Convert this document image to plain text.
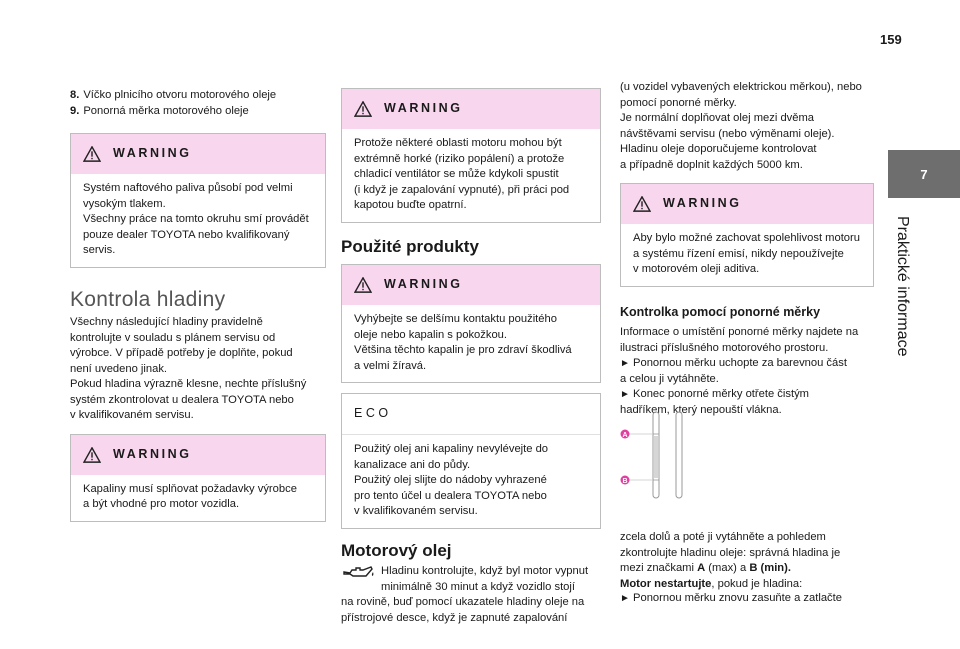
159
7
Praktické informace
8. Víčko plnicího otvoru motorového oleje
9. Ponorná měrka motorového oleje
WARNING
Systém naftového paliva působí pod velmi
vysokým tlakem.
Všechny práce na tomto okruhu smí provádět
pouze dealer TOYOTA nebo kvalifikovaný
servis.
Kontrola hladiny
Všechny následující hladiny pravidelně
kontrolujte v souladu s plánem servisu od
výrobce. V případě potřeby je doplňte, pokud
není uvedeno jinak.
Pokud hladina výrazně klesne, nechte příslušný
systém zkontrolovat u dealera TOYOTA nebo
v kvalifikovaném servisu.
WARNING
Kapaliny musí splňovat požadavky výrobce
a být vhodné pro motor vozidla.
WARNING
Protože některé oblasti motoru mohou být
extrémně horké (riziko popálení) a protože
chladicí ventilátor se může kdykoli spustit
(i když je zapalování vypnuté), při práci pod
kapotou buďte opatrní.
Použité produkty
WARNING
Vyhýbejte se delšímu kontaktu použitého
oleje nebo kapalin s pokožkou.
Většina těchto kapalin je pro zdraví škodlivá
a velmi žíravá.
ECO
Použitý olej ani kapaliny nevylévejte do
kanalizace ani do půdy.
Použitý olej slijte do nádoby vyhrazené
pro tento účel u dealera TOYOTA nebo
v kvalifikovaném servisu.
Motorový olej
Hladinu kontrolujte, když byl motor vypnut
minimálně 30 minut a když vozidlo stojí
na rovině, buď pomocí ukazatele hladiny oleje na
přístrojové desce, když je zapnuté zapalování
(u vozidel vybavených elektrickou měrkou), nebo
pomocí ponorné měrky.
Je normální doplňovat olej mezi dvěma
návštěvami servisu (nebo výměnami oleje).
Hladinu oleje doporučujeme kontrolovat
a případně doplnit každých 5000 km.
WARNING
Aby bylo možné zachovat spolehlivost motoru
a systému řízení emisí, nikdy nepoužívejte
v motorovém oleji aditiva.
Kontrolka pomocí ponorné měrky
Informace o umístění ponorné měrky najdete na
ilustraci příslušného motorového prostoru.
► Ponornou měrku uchopte za barevnou část
a celou ji vytáhněte.
► Konec ponorné měrky otřete čistým
hadříkem, který nepouští vlákna.
► Ponornou měrku znovu zasuňte a zatlačte
A
B
zcela dolů a poté ji vytáhněte a pohledem
zkontrolujte hladinu oleje: správná hladina je
mezi značkami A (max) a B (min).
Motor nestartujte, pokud je hladina:
